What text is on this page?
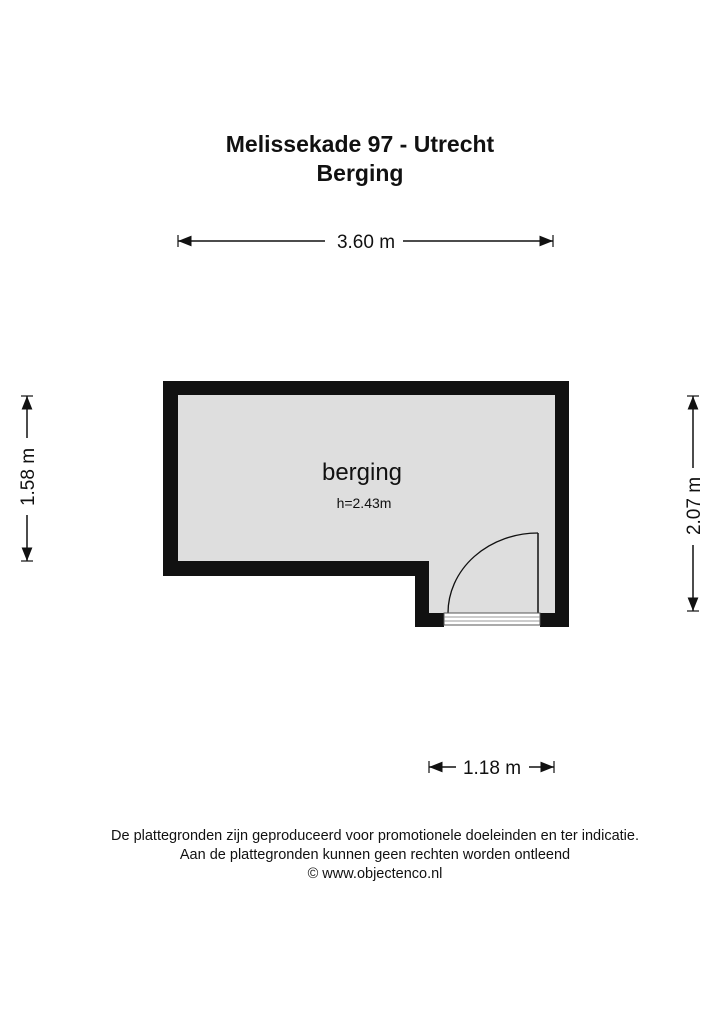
Melissekade 97 - Utrecht
Berging
3.60 m
1.58 m	2.07 m
berging
h=2.43m
1.18 m
De plattegronden zijn geproduceerd voor promotionele doeleinden en ter indicatie.
Aan de plattegronden kunnen geen rechten worden ontleend
© www.objectenco.nl
